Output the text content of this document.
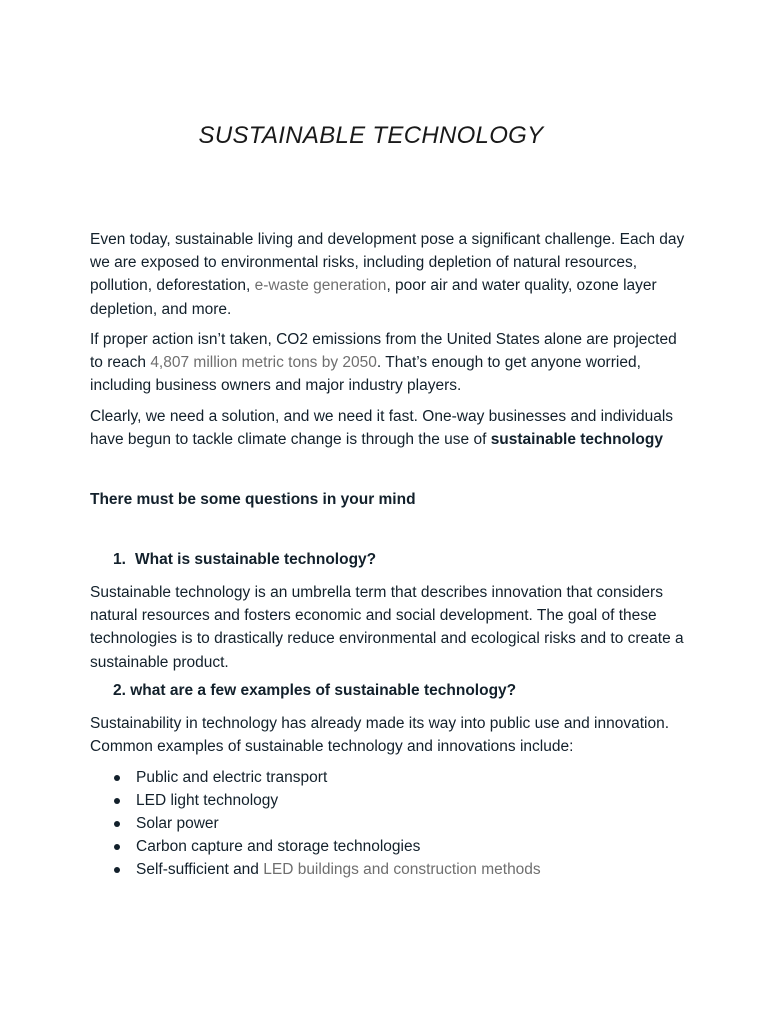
SUSTAINABLE TECHNOLOGY

Even today, sustainable living and development pose a significant challenge. Each day we are exposed to environmental risks, including depletion of natural resources, pollution, deforestation, e-waste generation, poor air and water quality, ozone layer depletion, and more.

If proper action isn’t taken, CO2 emissions from the United States alone are projected to reach 4,807 million metric tons by 2050. That’s enough to get anyone worried, including business owners and major industry players.

Clearly, we need a solution, and we need it fast. One-way businesses and individuals have begun to tackle climate change is through the use of sustainable technology

There must be some questions in your mind

1. What is sustainable technology?

Sustainable technology is an umbrella term that describes innovation that considers natural resources and fosters economic and social development. The goal of these technologies is to drastically reduce environmental and ecological risks and to create a sustainable product.

2. what are a few examples of sustainable technology?

Sustainability in technology has already made its way into public use and innovation. Common examples of sustainable technology and innovations include:

Public and electric transport
LED light technology
Solar power
Carbon capture and storage technologies
Self-sufficient and LED buildings and construction methods
